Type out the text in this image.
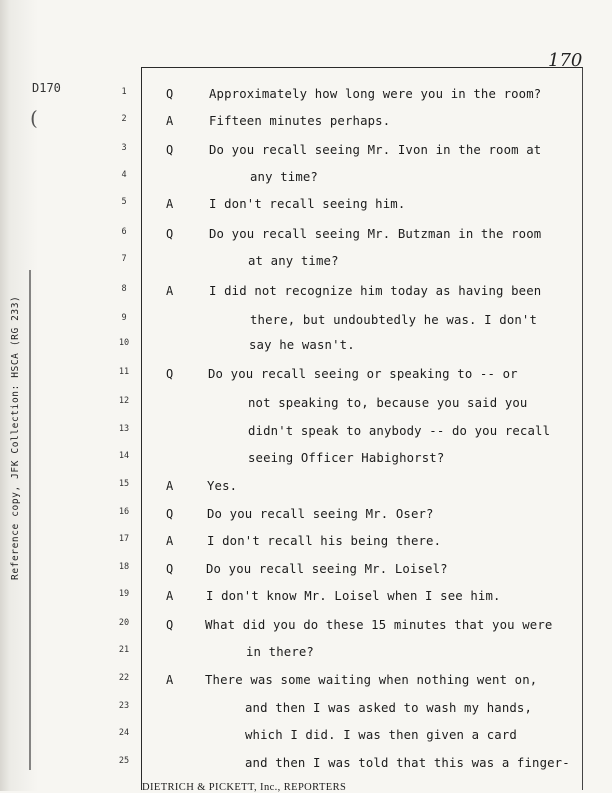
Reference copy, JFK Collection: HSCA (RG 233)
D170
(
170
1	Q	Approximately how long were you in the room?
2	A	Fifteen minutes perhaps.
3	Q	Do you recall seeing Mr. Ivon in the room at
4	any time?
5	A	I don't recall seeing him.
6	Q	Do you recall seeing Mr. Butzman in the room
7	at any time?
8	A	I did not recognize him today as having been
9	there, but undoubtedly he was. I don't
10	say he wasn't.
11	Q	Do you recall seeing or speaking to -- or
12	not speaking to, because you said you
13	didn't speak to anybody -- do you recall
14	seeing Officer Habighorst?
15	A	Yes.
16	Q	Do you recall seeing Mr. Oser?
17	A	I don't recall his being there.
18	Q	Do you recall seeing Mr. Loisel?
19	A	I don't know Mr. Loisel when I see him.
20	Q	What did you do these 15 minutes that you were
21	in there?
22	A	There was some waiting when nothing went on,
23	and then I was asked to wash my hands,
24	which I did. I was then given a card
25	and then I was told that this was a finger-
DIETRICH & PICKETT, Inc., REPORTERS
